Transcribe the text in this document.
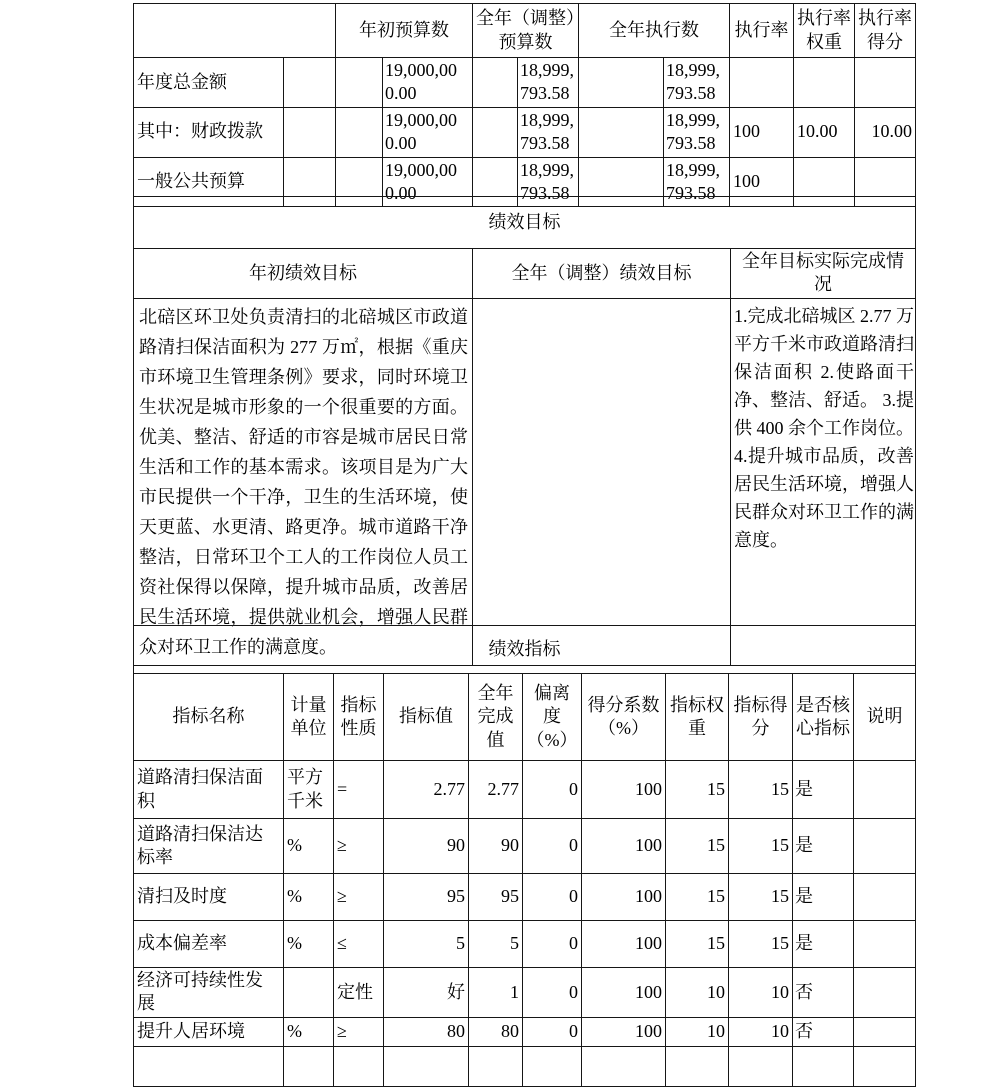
		年初预算数		全年（调整）预算数		全年执行数		执行率	执行率权重	执行率得分
年度总金额			19,000,000.00		18,999,793.58		18,999,793.58			
其中：财政拨款			19,000,000.00		18,999,793.58		18,999,793.58	100	10.00	10.00
一般公共预算			19,000,000.00		18,999,793.58		18,999,793.58	100		
绩效目标		
年初绩效目标	全年（调整）绩效目标	全年目标实际完成情况
北碚区环卫处负责清扫的北碚城区市政道路清扫保洁面积为 277 万㎡，根据《重庆市环境卫生管理条例》要求，同时环境卫生状况是城市形象的一个很重要的方面。优美、整洁、舒适的市容是城市居民日常生活和工作的基本需求。该项目是为广大市民提供一个干净，卫生的生活环境，使天更蓝、水更清、路更净。城市道路干净整洁，日常环卫个工人的工作岗位人员工资社保得以保障，提升城市品质，改善居民生活环境，提供就业机会，增强人民群众对环卫工作的满意度。		1.完成北碚城区 2.77 万平方千米市政道路清扫保洁面积 2.使路面干净、整洁、舒适。 3.提供 400 余个工作岗位。 4.提升城市品质，改善居民生活环境，增强人民群众对环卫工作的满意度。
绩效指标										
指标名称	计量单位	指标性质	指标值	全年完成值	偏离度（%）	得分系数（%）	指标权重	指标得分	是否核心指标	说明
道路清扫保洁面积	平方千米	=	2.77	2.77	0	100	15	15	是	
道路清扫保洁达标率	%	≥	90	90	0	100	15	15	是	
清扫及时度	%	≥	95	95	0	100	15	15	是	
成本偏差率	%	≤	5	5	0	100	15	15	是	
经济可持续性发展		定性	好	1	0	100	10	10	否	
提升人居环境	%	≥	80	80	0	100	10	10	否	
